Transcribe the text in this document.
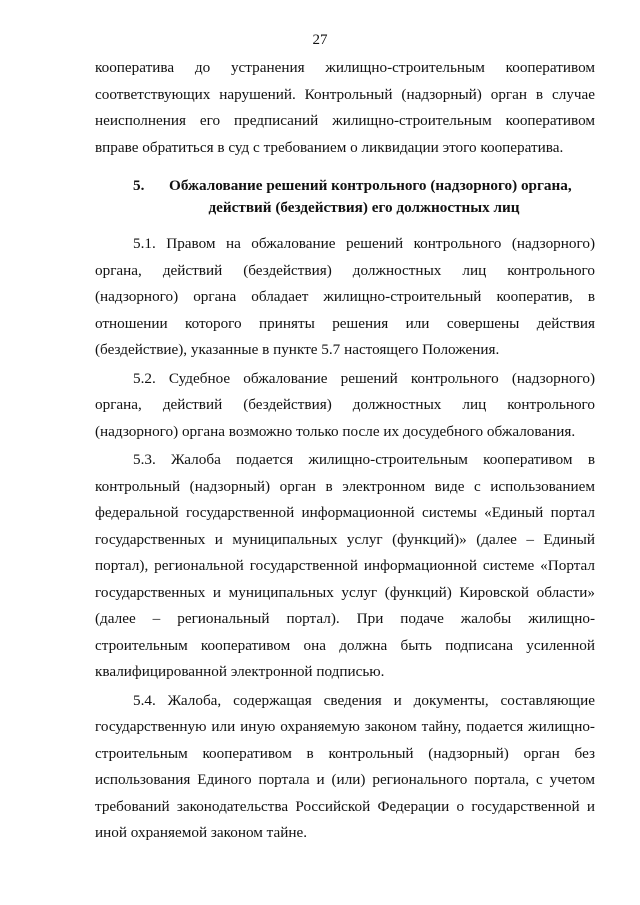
27

кооператива до устранения жилищно-строительным кооперативом соответствующих нарушений. Контрольный (надзорный) орган в случае неисполнения его предписаний жилищно-строительным кооперативом вправе обратиться в суд с требованием о ликвидации этого кооператива.

5. Обжалование решений контрольного (надзорного) органа,
действий (бездействия) его должностных лиц

5.1. Правом на обжалование решений контрольного (надзорного) органа, действий (бездействия) должностных лиц контрольного (надзорного) органа обладает жилищно-строительный кооператив, в отношении которого приняты решения или совершены действия (бездействие), указанные в пункте 5.7 настоящего Положения.

5.2. Судебное обжалование решений контрольного (надзорного) органа, действий (бездействия) должностных лиц контрольного (надзорного) органа возможно только после их досудебного обжалования.

5.3. Жалоба подается жилищно-строительным кооперативом в контрольный (надзорный) орган в электронном виде с использованием федеральной государственной информационной системы «Единый портал государственных и муниципальных услуг (функций)» (далее – Единый портал), региональной государственной информационной системе «Портал государственных и муниципальных услуг (функций) Кировской области» (далее – региональный портал). При подаче жалобы жилищно-строительным кооперативом она должна быть подписана усиленной квалифицированной электронной подписью.

5.4. Жалоба, содержащая сведения и документы, составляющие государственную или иную охраняемую законом тайну, подается жилищно-строительным кооперативом в контрольный (надзорный) орган без использования Единого портала и (или) регионального портала, с учетом требований законодательства Российской Федерации о государственной и иной охраняемой законом тайне.
